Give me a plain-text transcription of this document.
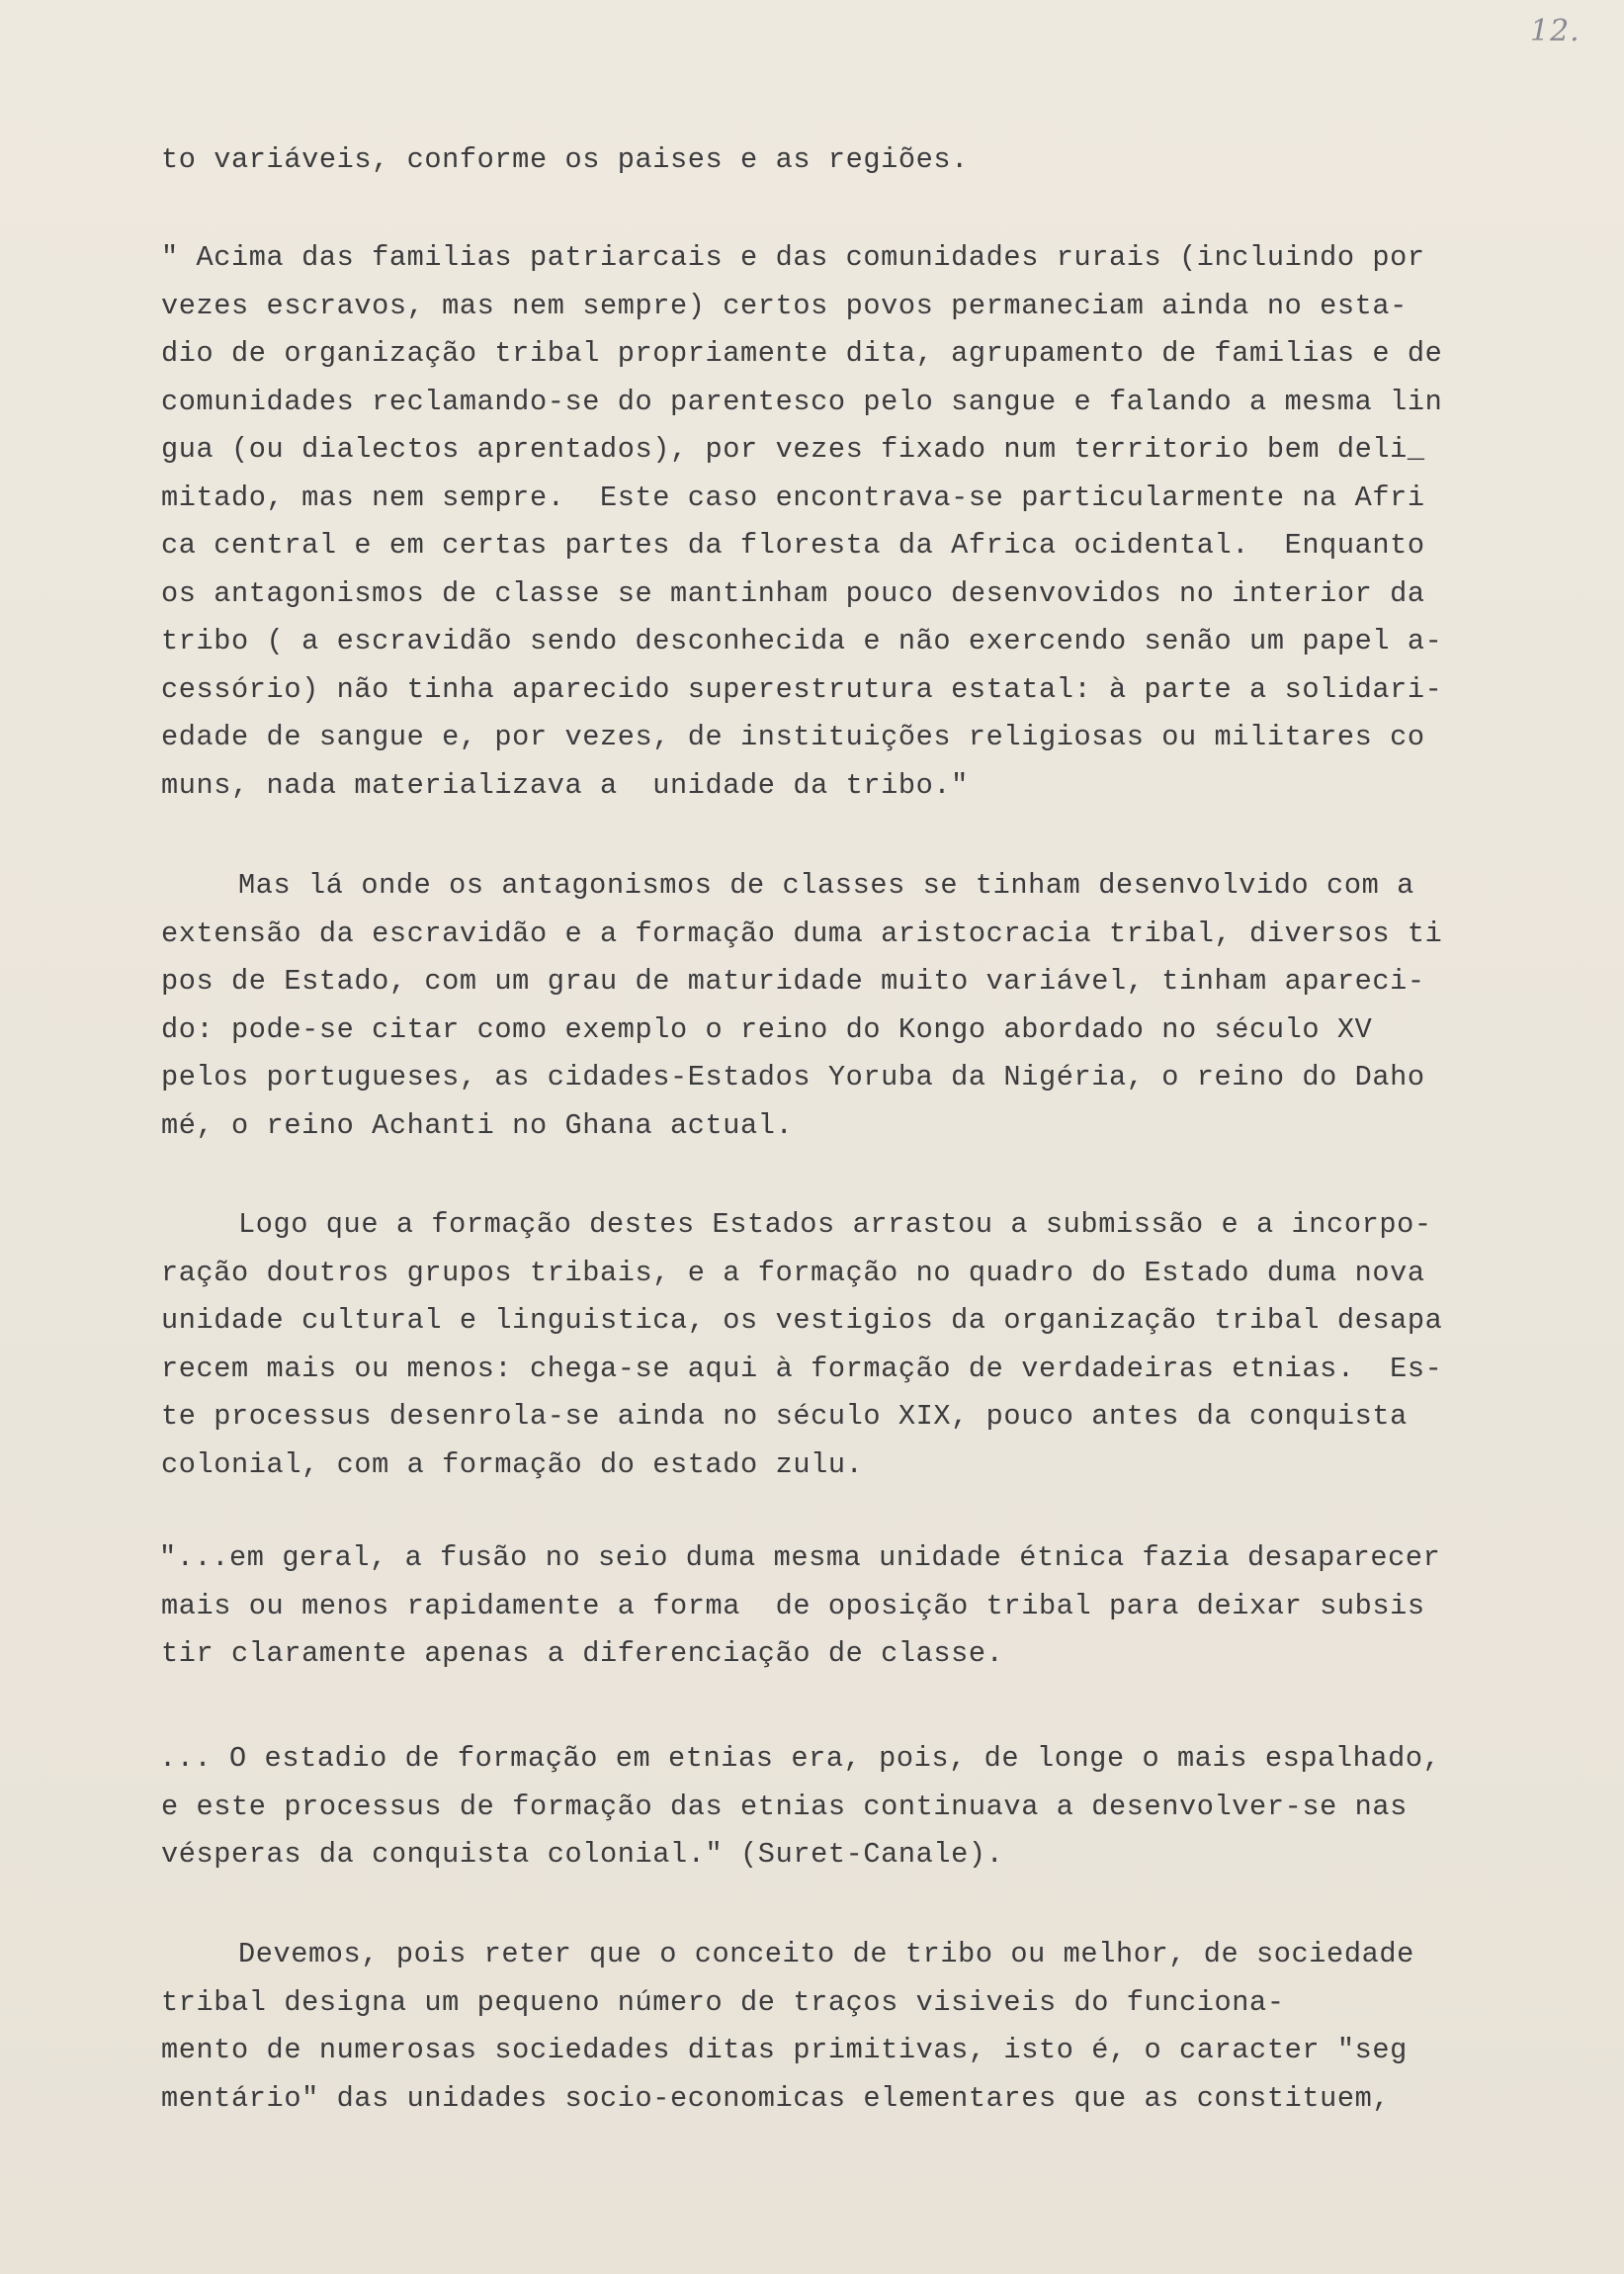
12.
to variáveis, conforme os paises e as regiões.
" Acima das familias patriarcais e das comunidades rurais (incluindo por
vezes escravos, mas nem sempre) certos povos permaneciam ainda no esta-
dio de organização tribal propriamente dita, agrupamento de familias e de
comunidades reclamando-se do parentesco pelo sangue e falando a mesma lin
gua (ou dialectos aprentados), por vezes fixado num territorio bem deli_
mitado, mas nem sempre.  Este caso encontrava-se particularmente na Afri
ca central e em certas partes da floresta da Africa ocidental.  Enquanto
os antagonismos de classe se mantinham pouco desenvovidos no interior da
tribo ( a escravidão sendo desconhecida e não exercendo senão um papel a-
cessório) não tinha aparecido superestrutura estatal: à parte a solidari-
edade de sangue e, por vezes, de instituições religiosas ou militares co
muns, nada materializava a  unidade da tribo."
Mas lá onde os antagonismos de classes se tinham desenvolvido com a
extensão da escravidão e a formação duma aristocracia tribal, diversos ti
pos de Estado, com um grau de maturidade muito variável, tinham apareci-
do: pode-se citar como exemplo o reino do Kongo abordado no século XV
pelos portugueses, as cidades-Estados Yoruba da Nigéria, o reino do Daho
mé, o reino Achanti no Ghana actual.
Logo que a formação destes Estados arrastou a submissão e a incorpo-
ração doutros grupos tribais, e a formação no quadro do Estado duma nova
unidade cultural e linguistica, os vestigios da organização tribal desapa
recem mais ou menos: chega-se aqui à formação de verdadeiras etnias.  Es-
te processus desenrola-se ainda no século XIX, pouco antes da conquista
colonial, com a formação do estado zulu.
"...em geral, a fusão no seio duma mesma unidade étnica fazia desaparecer
mais ou menos rapidamente a forma  de oposição tribal para deixar subsis
tir claramente apenas a diferenciação de classe.
... O estadio de formação em etnias era, pois, de longe o mais espalhado,
e este processus de formação das etnias continuava a desenvolver-se nas
vésperas da conquista colonial." (Suret-Canale).
Devemos, pois reter que o conceito de tribo ou melhor, de sociedade
tribal designa um pequeno número de traços visiveis do funciona-
mento de numerosas sociedades ditas primitivas, isto é, o caracter "seg
mentário" das unidades socio-economicas elementares que as constituem,
